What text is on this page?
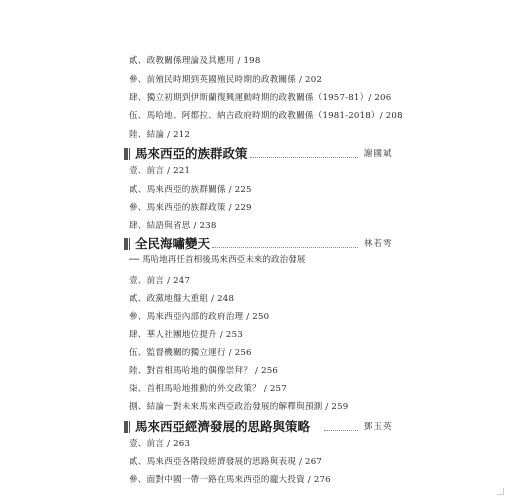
貳、政教關係理論及其應用 / 198
參、前殖民時期到英國殖民時期的政教關係 / 202
肆、獨立初期到伊斯蘭復興運動時期的政教關係（1957-81）/ 206
伍、馬哈地、阿都拉、納吉政府時期的政教關係（1981-2018）/ 208
陸、結論 / 212
馬來西亞的族群政策	謝國斌
壹、前言 / 221
貳、馬來西亞的族群關係 / 225
參、馬來西亞的族群政策 / 229
肆、結語與省思 / 238
全民海嘯變天	林若雩
── 馬哈地再任首相後馬來西亞未來的政治發展
壹、前言 / 247
貳、政黨地盤大重組 / 248
參、馬來西亞內部的政府治理 / 250
肆、華人社團地位提升 / 253
伍、監督機關的獨立運行 / 256
陸、對首相馬哈地的偶像崇拜？ / 256
柒、首相馬哈地推動的外交政策？ / 257
捌、結論－對未來馬來西亞政治發展的解釋與預測 / 259
馬來西亞經濟發展的思路與策略	鄧玉英
壹、前言 / 263
貳、馬來西亞各階段經濟發展的思路與表現 / 267
參、面對中國一帶一路在馬來西亞的龐大投資 / 276
